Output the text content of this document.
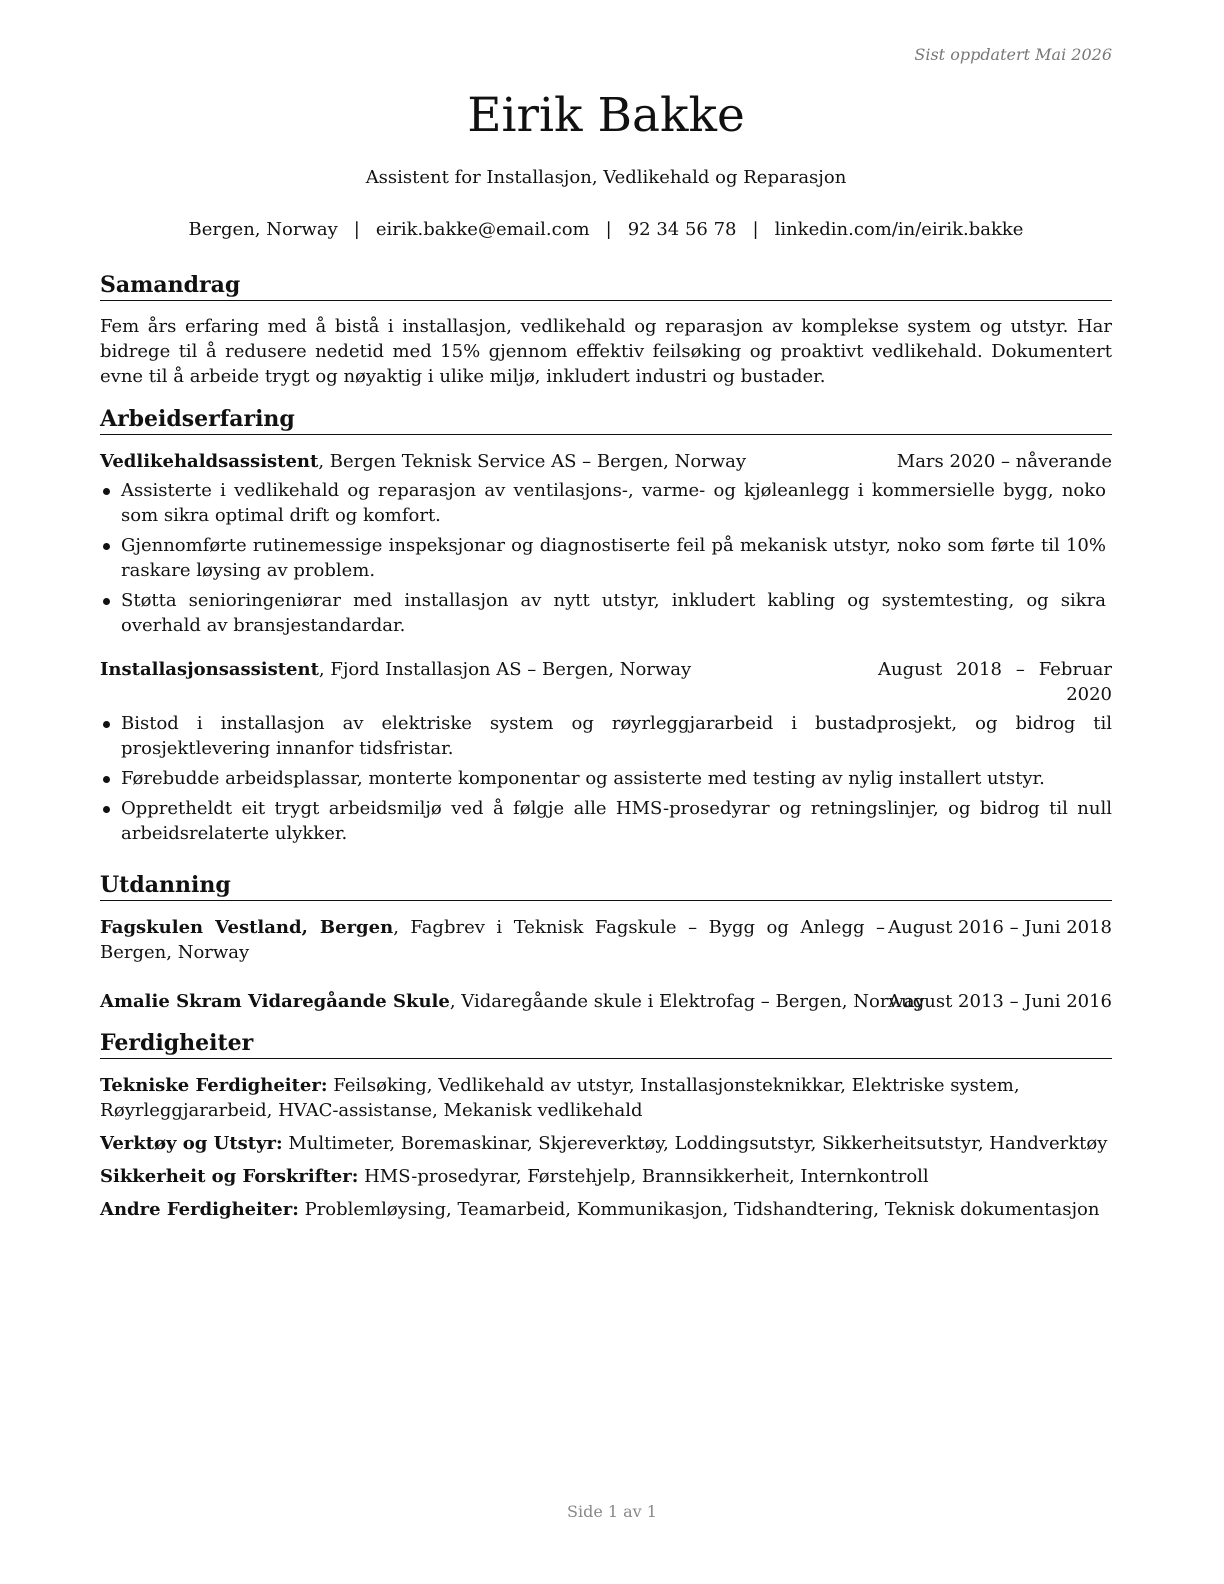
Sist oppdatert Mai 2026
Eirik Bakke
Assistent for Installasjon, Vedlikehald og Reparasjon
Bergen, Norway | eirik.bakke@email.com | 92 34 56 78 | linkedin.com/in/eirik.bakke
Samandrag
Fem års erfaring med å bistå i installasjon, vedlikehald og reparasjon av komplekse system og utstyr. Har bidrege til å redusere nedetid med 15% gjennom effektiv feilsøking og proaktivt vedlikehald. Dokumentert evne til å arbeide trygt og nøyaktig i ulike miljø, inkludert industri og bustader.
Arbeidserfaring
Vedlikehaldsassistent, Bergen Teknisk Service AS – Bergen, Norway	Mars 2020 – nåverande
Assisterte i vedlikehald og reparasjon av ventilasjons-, varme- og kjøleanlegg i kommersielle bygg, noko som sikra optimal drift og komfort.
Gjennomførte rutinemessige inspeksjonar og diagnostiserte feil på mekanisk utstyr, noko som førte til 10% raskare løysing av problem.
Støtta senioringeniørar med installasjon av nytt utstyr, inkludert kabling og systemtesting, og sikra overhald av bransjestandardar.
Installasjonsassistent, Fjord Installasjon AS – Bergen, Norway	August 2018 – Februar 2020
Bistod i installasjon av elektriske system og røyrleggjararbeid i bustadprosjekt, og bidrog til prosjektlevering innanfor tidsfristar.
Førebudde arbeidsplassar, monterte komponentar og assisterte med testing av nylig installert utstyr.
Oppretheldt eit trygt arbeidsmiljø ved å følgje alle HMS-prosedyrar og retningslinjer, og bidrog til null arbeidsrelaterte ulykker.
Utdanning
Fagskulen Vestland, Bergen, Fagbrev i Teknisk Fagskule – Bygg og Anlegg – Bergen, Norway
August 2016 – Juni 2018
Amalie Skram Vidaregåande Skule, Vidaregåande skule i Elektrofag – Bergen, Norway
August 2013 – Juni 2016
Ferdigheiter
Tekniske Ferdigheiter: Feilsøking, Vedlikehald av utstyr, Installasjonsteknikkar, Elektriske system, Røyrleggjararbeid, HVAC-assistanse, Mekanisk vedlikehald
Verktøy og Utstyr: Multimeter, Boremaskinar, Skjereverktøy, Loddingsutstyr, Sikkerheitsutstyr, Handverktøy
Sikkerheit og Forskrifter: HMS-prosedyrar, Førstehjelp, Brannsikkerheit, Internkontroll
Andre Ferdigheiter: Problemløysing, Teamarbeid, Kommunikasjon, Tidshandtering, Teknisk dokumentasjon
Side 1 av 1
